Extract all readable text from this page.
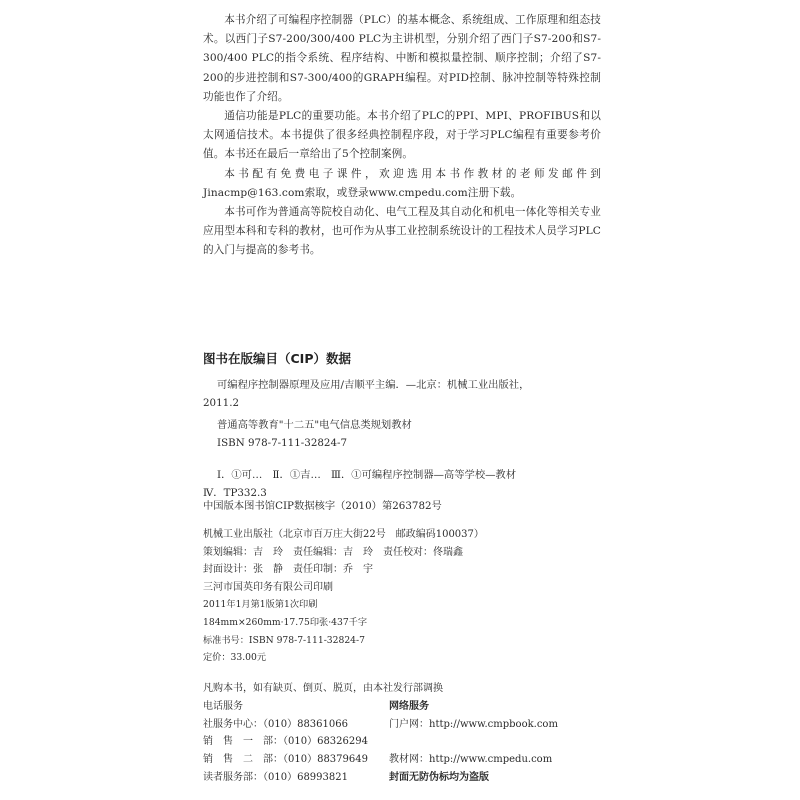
本书介绍了可编程序控制器（PLC）的基本概念、系统组成、工作原理和组态技术。以西门子S7-200/300/400 PLC为主讲机型，分别介绍了西门子S7-200和S7-300/400 PLC的指令系统、程序结构、中断和模拟量控制、顺序控制；介绍了S7-200的步进控制和S7-300/400的GRAPH编程。对PID控制、脉冲控制等特殊控制功能也作了介绍。

通信功能是PLC的重要功能。本书介绍了PLC的PPI、MPI、PROFIBUS和以太网通信技术。本书提供了很多经典控制程序段，对于学习PLC编程有重要参考价值。本书还在最后一章给出了5个控制案例。

本书配有免费电子课件，欢迎选用本书作教材的老师发邮件到Jinacmp@163.com索取，或登录www.cmpedu.com注册下载。

本书可作为普通高等院校自动化、电气工程及其自动化和机电一体化等相关专业应用型本科和专科的教材，也可作为从事工业控制系统设计的工程技术人员学习PLC的入门与提高的参考书。

图书在版编目（CIP）数据
可编程序控制器原理及应用/吉顺平主编．—北京：机械工业出版社，
2011.2
普通高等教育"十二五"电气信息类规划教材
ISBN 978-7-111-32824-7
Ⅰ．①可…　Ⅱ．①吉…　Ⅲ．①可编程序控制器—高等学校—教材
Ⅳ．TP332.3
中国版本图书馆CIP数据核字（2010）第263782号
机械工业出版社（北京市百万庄大街22号　邮政编码100037）
策划编辑：吉　玲　责任编辑：吉　玲　责任校对：佟瑞鑫
封面设计：张　静　责任印制：乔　宇
三河市国英印务有限公司印刷
2011年1月第1版第1次印刷
184mm×260mm·17.75印张·437千字
标准书号：ISBN 978-7-111-32824-7
定价：33.00元
凡购本书，如有缺页、倒页、脱页，由本社发行部调换
电话服务	网络服务
社服务中心：（010）88361066	门户网：http://www.cmpbook.com
销　售　一　部：（010）68326294
销　售　二　部：（010）88379649 教材网：http://www.cmpedu.com
读者服务部：（010）68993821	封面无防伪标均为盗版
